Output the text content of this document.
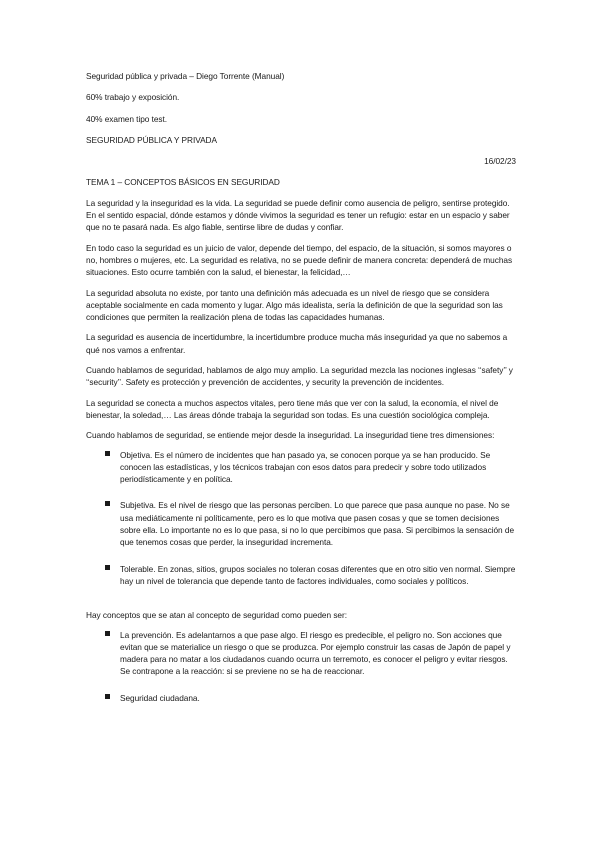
Seguridad pública y privada – Diego Torrente (Manual)

60% trabajo y exposición.

40% examen tipo test.

SEGURIDAD PÚBLICA Y PRIVADA

16/02/23

TEMA 1 – CONCEPTOS BÁSICOS EN SEGURIDAD

La seguridad y la inseguridad es la vida. La seguridad se puede definir como ausencia de peligro, sentirse protegido. En el sentido espacial, dónde estamos y dónde vivimos la seguridad es tener un refugio: estar en un espacio y saber que no te pasará nada. Es algo fiable, sentirse libre de dudas y confiar.

En todo caso la seguridad es un juicio de valor, depende del tiempo, del espacio, de la situación, si somos mayores o no, hombres o mujeres, etc. La seguridad es relativa, no se puede definir de manera concreta: dependerá de muchas situaciones. Esto ocurre también con la salud, el bienestar, la felicidad,…

La seguridad absoluta no existe, por tanto una definición más adecuada es un nivel de riesgo que se considera aceptable socialmente en cada momento y lugar. Algo más idealista, sería la definición de que la seguridad son las condiciones que permiten la realización plena de todas las capacidades humanas.

La seguridad es ausencia de incertidumbre, la incertidumbre produce mucha más inseguridad ya que no sabemos a qué nos vamos a enfrentar.

Cuando hablamos de seguridad, hablamos de algo muy amplio. La seguridad mezcla las nociones inglesas ‘‘safety’’ y ‘‘security’’. Safety es protección y prevención de accidentes, y security la prevención de incidentes.

La seguridad se conecta a muchos aspectos vitales, pero tiene más que ver con la salud, la economía, el nivel de bienestar, la soledad,… Las áreas dónde trabaja la seguridad son todas. Es una cuestión sociológica compleja.

Cuando hablamos de seguridad, se entiende mejor desde la inseguridad. La inseguridad tiene tres dimensiones:

Objetiva. Es el número de incidentes que han pasado ya, se conocen porque ya se han producido. Se conocen las estadísticas, y los técnicos trabajan con esos datos para predecir y sobre todo utilizados periodísticamente y en política.
Subjetiva. Es el nivel de riesgo que las personas perciben. Lo que parece que pasa aunque no pase. No se usa mediáticamente ni políticamente, pero es lo que motiva que pasen cosas y que se tomen decisiones sobre ella. Lo importante no es lo que pasa, si no lo que percibimos que pasa. Si percibimos la sensación de que tenemos cosas que perder, la inseguridad incrementa.
Tolerable. En zonas, sitios, grupos sociales no toleran cosas diferentes que en otro sitio ven normal. Siempre hay un nivel de tolerancia que depende tanto de factores individuales, como sociales y políticos.

Hay conceptos que se atan al concepto de seguridad como pueden ser:

La prevención. Es adelantarnos a que pase algo. El riesgo es predecible, el peligro no. Son acciones que evitan que se materialice un riesgo o que se produzca. Por ejemplo construir las casas de Japón de papel y madera para no matar a los ciudadanos cuando ocurra un terremoto, es conocer el peligro y evitar riesgos. Se contrapone a la reacción: si se previene no se ha de reaccionar.
Seguridad ciudadana.
